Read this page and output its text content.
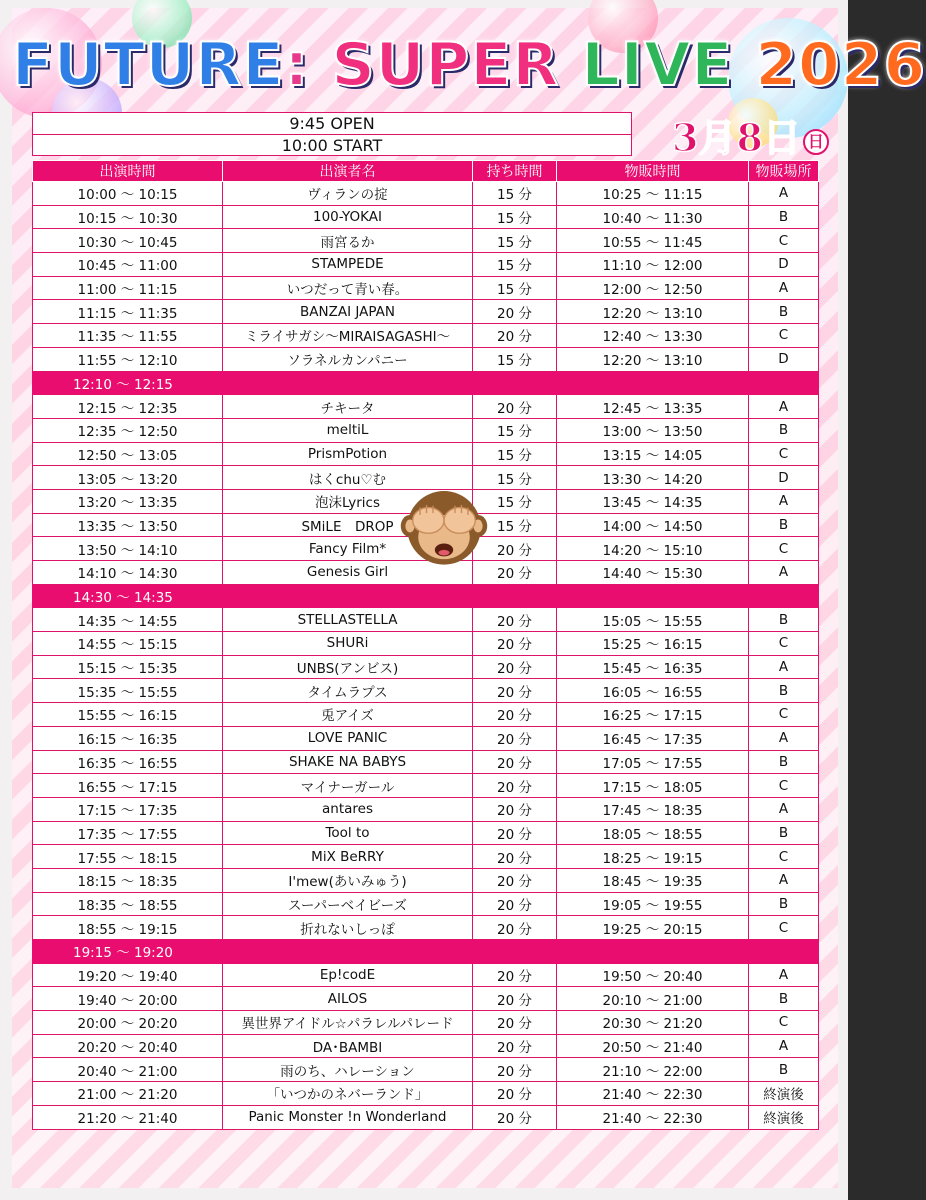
FUTURE: SUPER LIVE 2026
9:45 OPEN
10:00 START	3月8日 日
出演時間	出演者名	持ち時間	物販時間	物販場所
10:00 〜 10:15	ヴィランの掟	15 分	10:25 〜 11:15	A
10:15 〜 10:30	100-YOKAI	15 分	10:40 〜 11:30	B
10:30 〜 10:45	雨宮るか	15 分	10:55 〜 11:45	C
10:45 〜 11:00	STAMPEDE	15 分	11:10 〜 12:00	D
11:00 〜 11:15	いつだって青い春。	15 分	12:00 〜 12:50	A
11:15 〜 11:35	BANZAI JAPAN	20 分	12:20 〜 13:10	B
11:35 〜 11:55	ミライサガシ〜MIRAISAGASHI〜	20 分	12:40 〜 13:30	C
11:55 〜 12:10	ソラネルカンパニー	15 分	12:20 〜 13:10	D
12:10 〜 12:15				
12:15 〜 12:35	チキータ	20 分	12:45 〜 13:35	A
12:35 〜 12:50	meltiL	15 分	13:00 〜 13:50	B
12:50 〜 13:05	PrismPotion	15 分	13:15 〜 14:05	C
13:05 〜 13:20	はくchu♡む	15 分	13:30 〜 14:20	D
13:20 〜 13:35	泡沫Lyrics	15 分	13:45 〜 14:35	A
13:35 〜 13:50	SMiLE　DROP	15 分	14:00 〜 14:50	B
13:50 〜 14:10	Fancy Film*	20 分	14:20 〜 15:10	C
14:10 〜 14:30	Genesis Girl	20 分	14:40 〜 15:30	A
14:30 〜 14:35				
14:35 〜 14:55	STELLASTELLA	20 分	15:05 〜 15:55	B
14:55 〜 15:15	SHURi	20 分	15:25 〜 16:15	C
15:15 〜 15:35	UNBS(アンビス)	20 分	15:45 〜 16:35	A
15:35 〜 15:55	タイムラプス	20 分	16:05 〜 16:55	B
15:55 〜 16:15	兎アイズ	20 分	16:25 〜 17:15	C
16:15 〜 16:35	LOVE PANIC	20 分	16:45 〜 17:35	A
16:35 〜 16:55	SHAKE NA BABYS	20 分	17:05 〜 17:55	B
16:55 〜 17:15	マイナーガール	20 分	17:15 〜 18:05	C
17:15 〜 17:35	antares	20 分	17:45 〜 18:35	A
17:35 〜 17:55	Tool to	20 分	18:05 〜 18:55	B
17:55 〜 18:15	MiX BeRRY	20 分	18:25 〜 19:15	C
18:15 〜 18:35	I'mew(あいみゅう)	20 分	18:45 〜 19:35	A
18:35 〜 18:55	スーパーベイビーズ	20 分	19:05 〜 19:55	B
18:55 〜 19:15	折れないしっぽ	20 分	19:25 〜 20:15	C
19:15 〜 19:20				
19:20 〜 19:40	Ep!codE	20 分	19:50 〜 20:40	A
19:40 〜 20:00	AILOS	20 分	20:10 〜 21:00	B
20:00 〜 20:20	異世界アイドル☆パラレルパレード	20 分	20:30 〜 21:20	C
20:20 〜 20:40	DA･BAMBI	20 分	20:50 〜 21:40	A
20:40 〜 21:00	雨のち、ハレーション	20 分	21:10 〜 22:00	B
21:00 〜 21:20	「いつかのネバーランド」	20 分	21:40 〜 22:30	終演後
21:20 〜 21:40	Panic Monster !n Wonderland	20 分	21:40 〜 22:30	終演後
